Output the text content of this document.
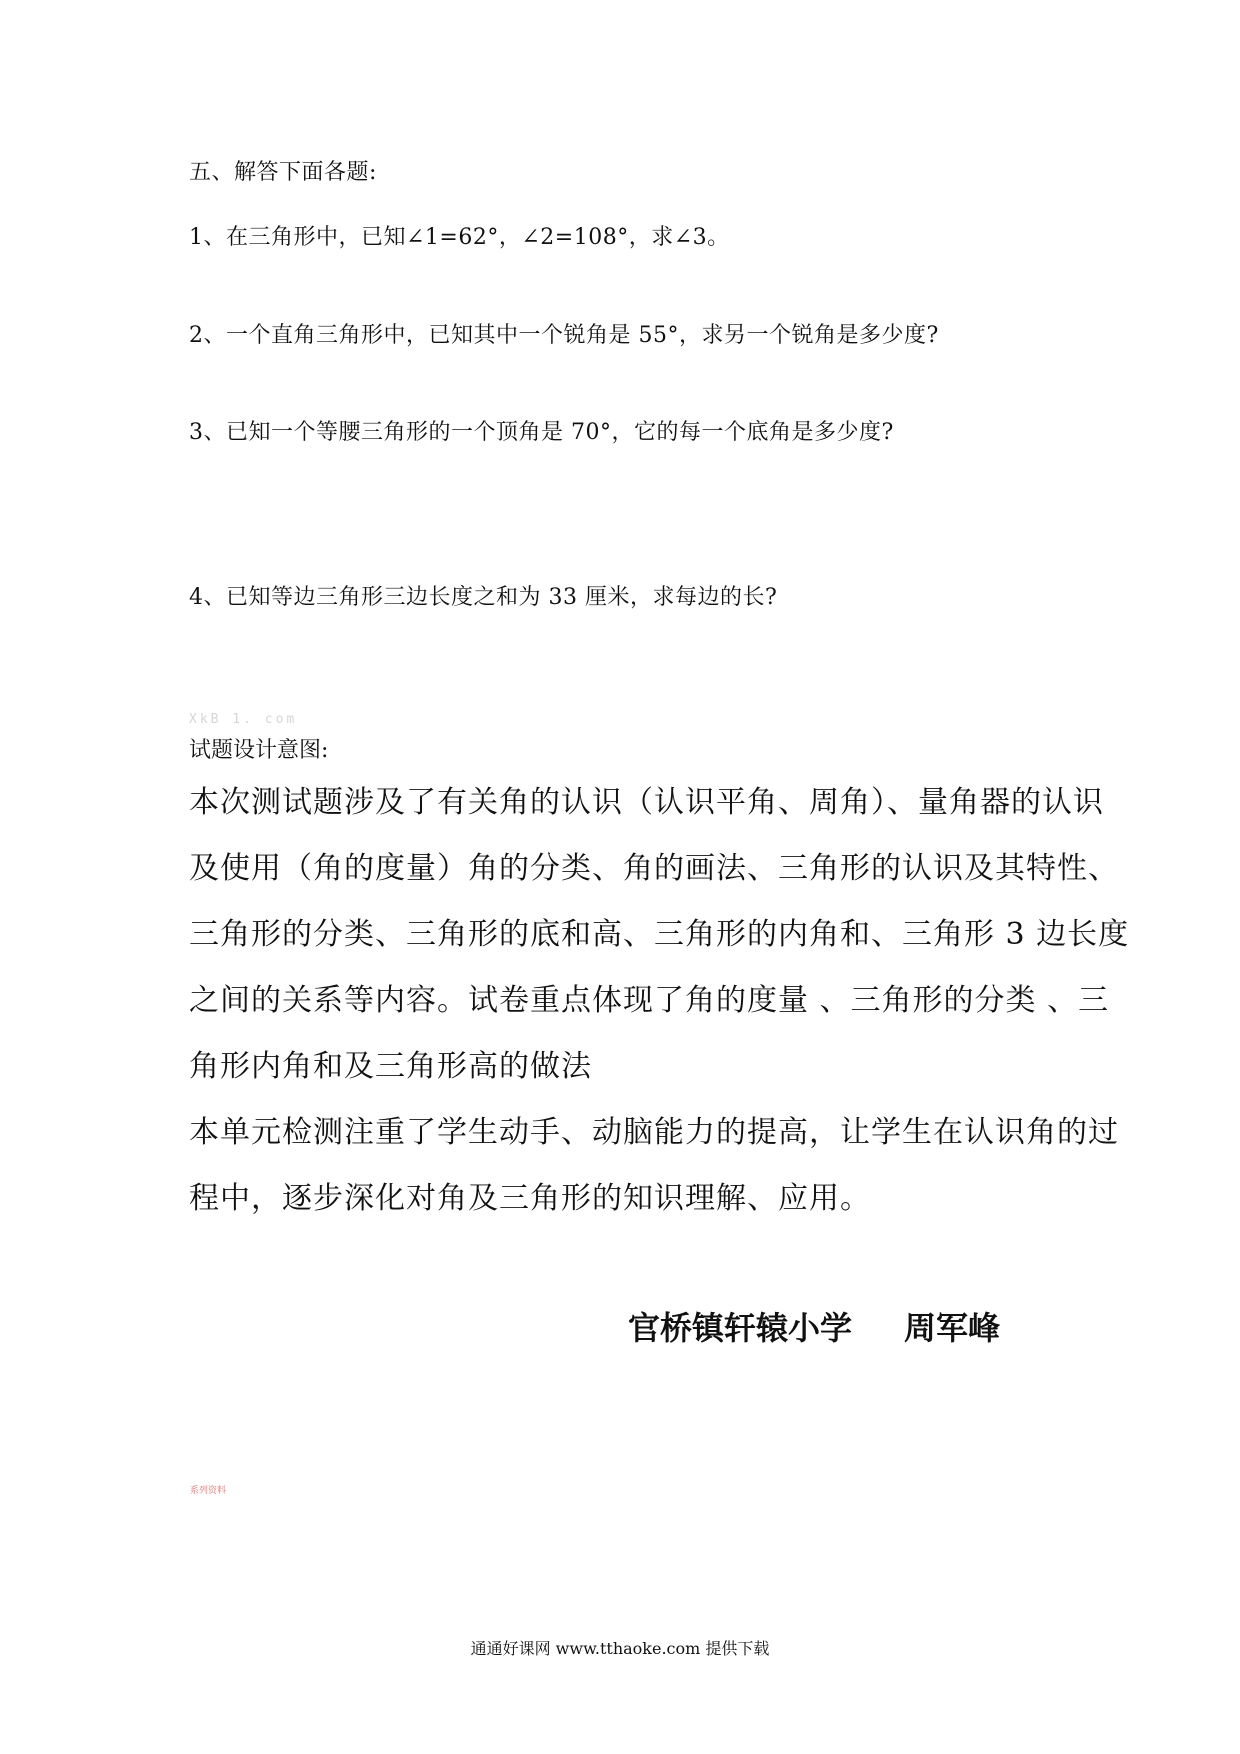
五、解答下面各题:
1、在三角形中，已知∠1=62°，∠2=108°，求∠3。
2、一个直角三角形中，已知其中一个锐角是 55°，求另一个锐角是多少度?
3、已知一个等腰三角形的一个顶角是 70°，它的每一个底角是多少度?
4、已知等边三角形三边长度之和为 33 厘米，求每边的长?
XkB 1. com
试题设计意图:
本次测试题涉及了有关角的认识（认识平角、周角）、量角器的认识
及使用（角的度量）角的分类、角的画法、三角形的认识及其特性、
三角形的分类、三角形的底和高、三角形的内角和、三角形 3 边长度
之间的关系等内容。试卷重点体现了角的度量 、三角形的分类 、三
角形内角和及三角形高的做法
本单元检测注重了学生动手、动脑能力的提高，让学生在认识角的过
程中，逐步深化对角及三角形的知识理解、应用。
官桥镇轩辕小学 周军峰
系列资料
通通好课网 www.tthaoke.com 提供下载
